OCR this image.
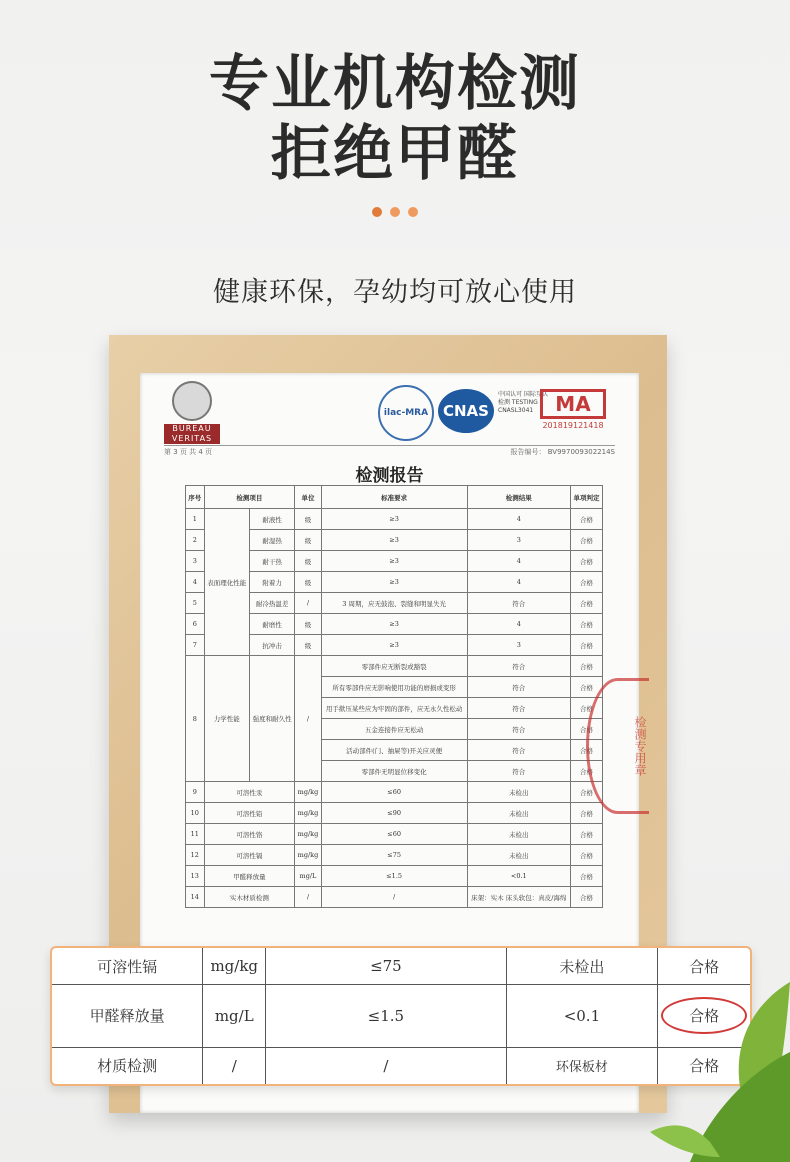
专业机构检测
拒绝甲醛
健康环保，孕幼均可放心使用
BUREAU VERITAS
ilac-MRA CNAS
中国认可 国际互认 检测 TESTING CNASL3041	MA
201819121418
第 3 页 共 4 页	报告编号： BV997009302214S
检测报告
序号	检测项目		单位	标准要求	检测结果	单项判定
1	表面理化性能	耐液性	级	≥3	4	合格
2		耐湿热	级	≥3	3	合格
3		耐干热	级	≥3	4	合格
4		附着力	级	≥3	4	合格
5		耐冷热温差	/	3 周期，应无鼓泡、裂缝和明显失光	符合	合格
6		耐磨性	级	≥3	4	合格
7		抗冲击	级	≥3	3	合格
8	力学性能	强度和耐久性	/	零部件应无断裂或豁裂	符合	合格
				所有零部件应无影响使用功能的磨损或变形	符合	合格
				用手揿压某些应为牢固的部件，应无永久性松动	符合	合格
				五金连接件应无松动	符合	合格
				活动部件(门、抽屉等)开关应灵便	符合	合格
				零部件无明显位移变化	符合	合格
9	可溶性汞		mg/kg	≤60	未检出	合格
10	可溶性铅		mg/kg	≤90	未检出	合格
11	可溶性铬		mg/kg	≤60	未检出	合格
12	可溶性镉		mg/kg	≤75	未检出	合格
13	甲醛释放量		mg/L	≤1.5	<0.1	合格
14	实木材质检测		/	/	床架：实木 床头软包：真皮/海绵	合格
检测专用章
可溶性镉	mg/kg	≤75	未检出	合格
甲醛释放量	mg/L	≤1.5	<0.1	合格
材质检测	/	/	环保板材	合格
